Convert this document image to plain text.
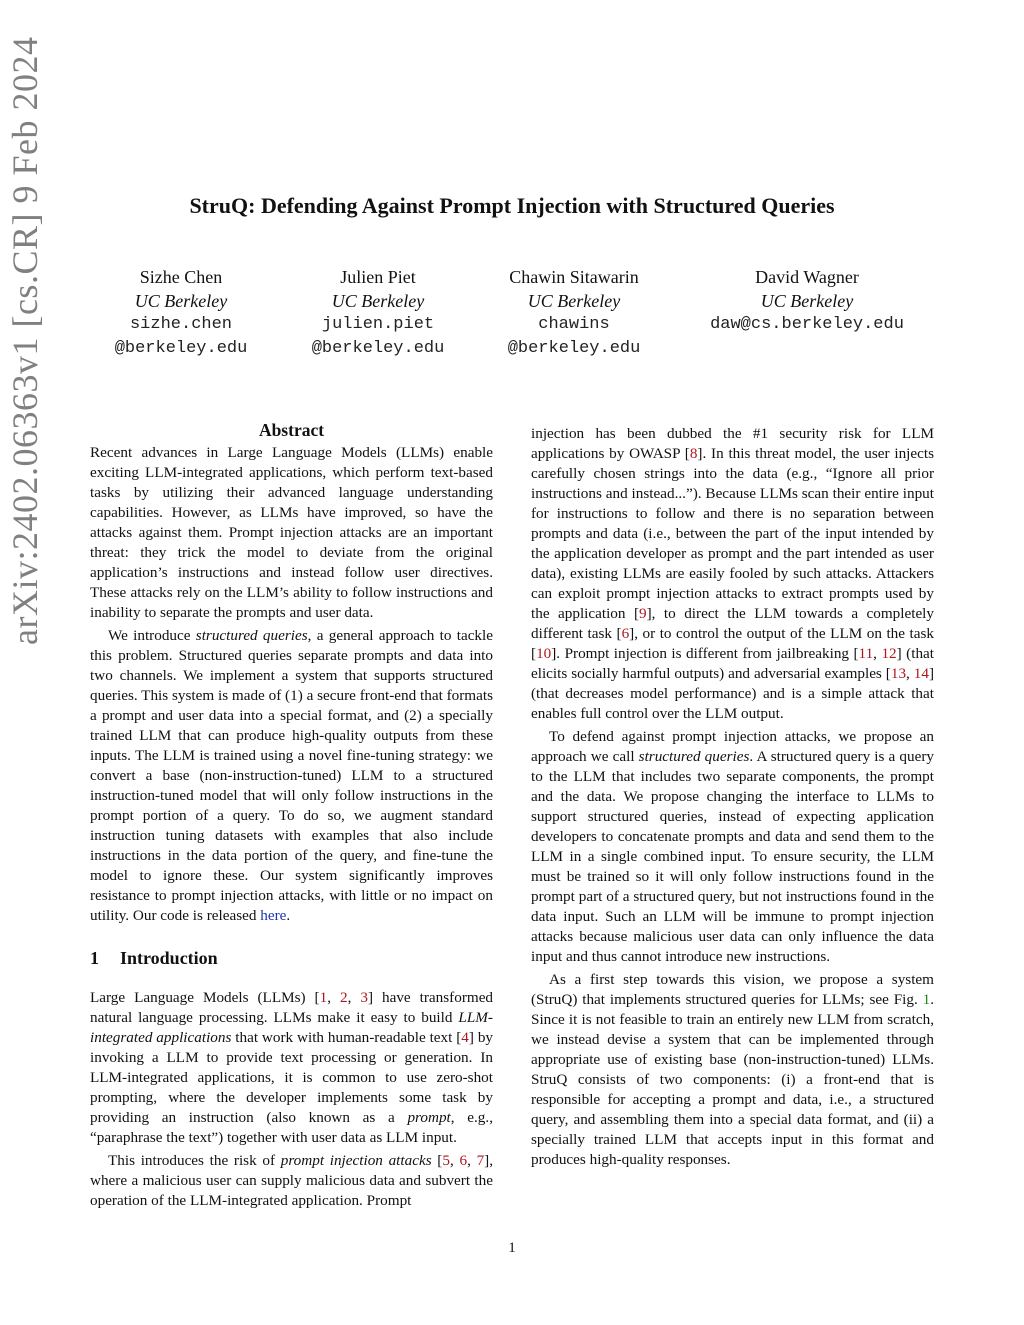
arXiv:2402.06363v1 [cs.CR] 9 Feb 2024	StruQ: Defending Against Prompt Injection with Structured Queries
Sizhe Chen
UC Berkeley
sizhe.chen
@berkeley.edu
Julien Piet
UC Berkeley
julien.piet
@berkeley.edu
Chawin Sitawarin
UC Berkeley
chawins
@berkeley.edu
David Wagner
UC Berkeley
daw@cs.berkeley.edu
Abstract

Recent advances in Large Language Models (LLMs) enable exciting LLM-integrated applications, which perform text-based tasks by utilizing their advanced language understanding capabilities. However, as LLMs have improved, so have the attacks against them. Prompt injection attacks are an important threat: they trick the model to deviate from the original application’s instructions and instead follow user directives. These attacks rely on the LLM’s ability to follow instructions and inability to separate the prompts and user data.

We introduce structured queries, a general approach to tackle this problem. Structured queries separate prompts and data into two channels. We implement a system that supports structured queries. This system is made of (1) a secure front-end that formats a prompt and user data into a special format, and (2) a specially trained LLM that can produce high-quality outputs from these inputs. The LLM is trained using a novel fine-tuning strategy: we convert a base (non-instruction-tuned) LLM to a structured instruction-tuned model that will only follow instructions in the prompt portion of a query. To do so, we augment standard instruction tuning datasets with examples that also include instructions in the data portion of the query, and fine-tune the model to ignore these. Our system significantly improves resistance to prompt injection attacks, with little or no impact on utility. Our code is released here.

1 Introduction

Large Language Models (LLMs) [1, 2, 3] have transformed natural language processing. LLMs make it easy to build LLM-integrated applications that work with human-readable text [4] by invoking a LLM to provide text processing or generation. In LLM-integrated applications, it is common to use zero-shot prompting, where the developer implements some task by providing an instruction (also known as a prompt, e.g., “paraphrase the text”) together with user data as LLM input.

This introduces the risk of prompt injection attacks [5, 6, 7], where a malicious user can supply malicious data and subvert the operation of the LLM-integrated application. Prompt

injection has been dubbed the #1 security risk for LLM applications by OWASP [8]. In this threat model, the user injects carefully chosen strings into the data (e.g., “Ignore all prior instructions and instead...”). Because LLMs scan their entire input for instructions to follow and there is no separation between prompts and data (i.e., between the part of the input intended by the application developer as prompt and the part intended as user data), existing LLMs are easily fooled by such attacks. Attackers can exploit prompt injection attacks to extract prompts used by the application [9], to direct the LLM towards a completely different task [6], or to control the output of the LLM on the task [10]. Prompt injection is different from jailbreaking [11, 12] (that elicits socially harmful outputs) and adversarial examples [13, 14] (that decreases model performance) and is a simple attack that enables full control over the LLM output.

To defend against prompt injection attacks, we propose an approach we call structured queries. A structured query is a query to the LLM that includes two separate components, the prompt and the data. We propose changing the interface to LLMs to support structured queries, instead of expecting application developers to concatenate prompts and data and send them to the LLM in a single combined input. To ensure security, the LLM must be trained so it will only follow instructions found in the prompt part of a structured query, but not instructions found in the data input. Such an LLM will be immune to prompt injection attacks because malicious user data can only influence the data input and thus cannot introduce new instructions.

As a first step towards this vision, we propose a system (StruQ) that implements structured queries for LLMs; see Fig. 1. Since it is not feasible to train an entirely new LLM from scratch, we instead devise a system that can be implemented through appropriate use of existing base (non-instruction-tuned) LLMs. StruQ consists of two components: (i) a front-end that is responsible for accepting a prompt and data, i.e., a structured query, and assembling them into a special data format, and (ii) a specially trained LLM that accepts input in this format and produces high-quality responses.

1
